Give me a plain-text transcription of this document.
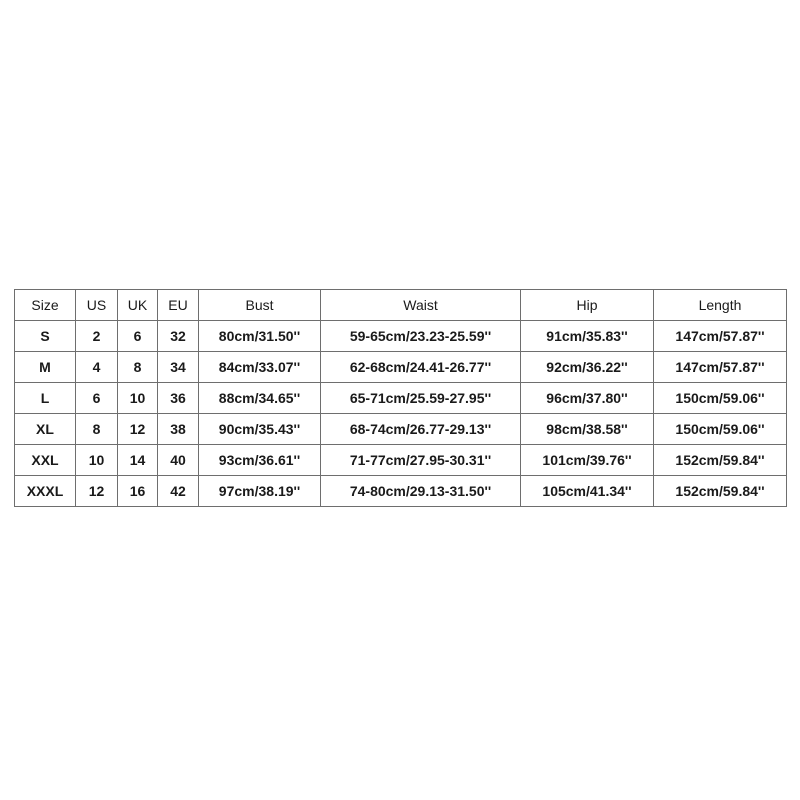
Size	US	UK	EU	Bust	Waist	Hip	Length
S	2	6	32	80cm/31.50''	59-65cm/23.23-25.59''	91cm/35.83''	147cm/57.87''
M	4	8	34	84cm/33.07''	62-68cm/24.41-26.77''	92cm/36.22''	147cm/57.87''
L	6	10	36	88cm/34.65''	65-71cm/25.59-27.95''	96cm/37.80''	150cm/59.06''
XL	8	12	38	90cm/35.43''	68-74cm/26.77-29.13''	98cm/38.58''	150cm/59.06''
XXL	10	14	40	93cm/36.61''	71-77cm/27.95-30.31''	101cm/39.76''	152cm/59.84''
XXXL	12	16	42	97cm/38.19''	74-80cm/29.13-31.50''	105cm/41.34''	152cm/59.84''
